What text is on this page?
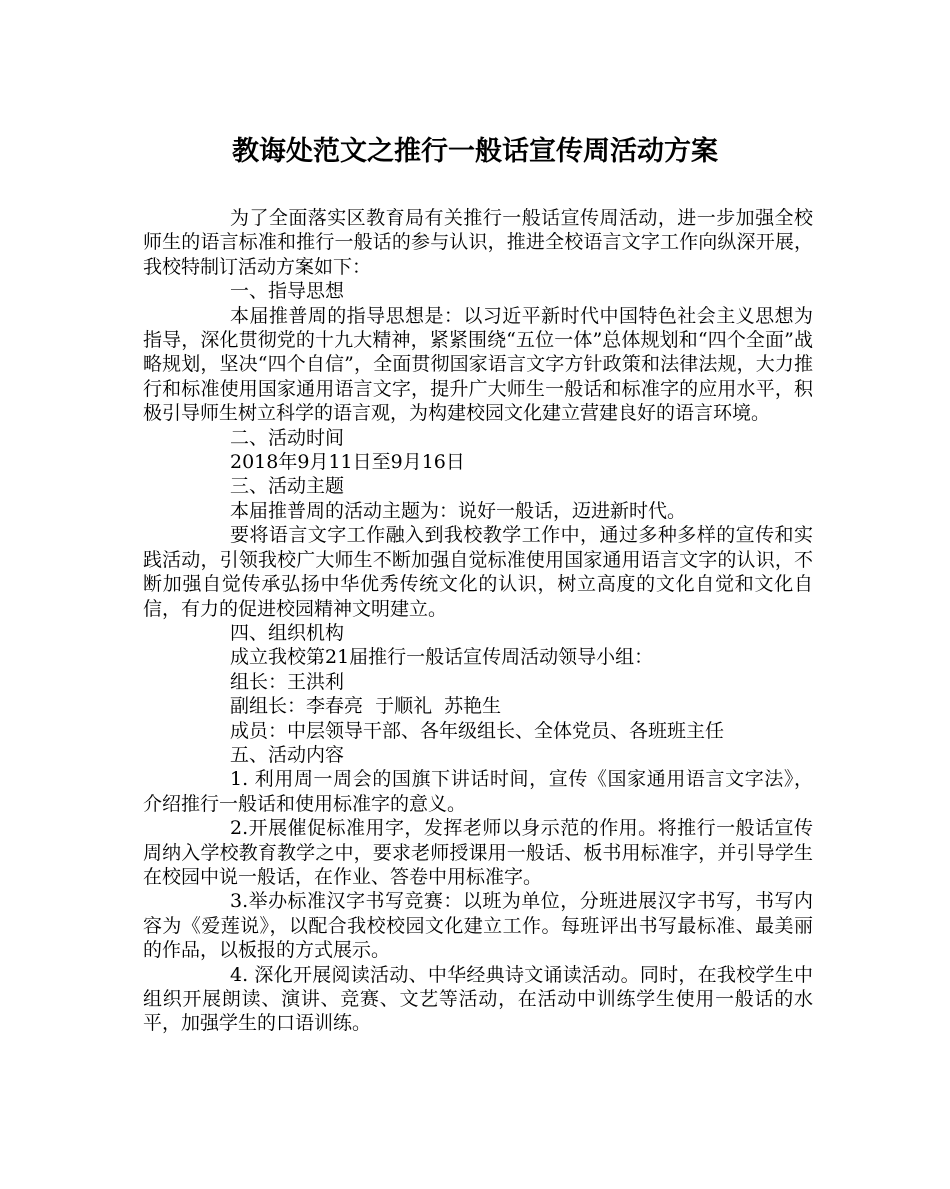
教诲处范文之推行一般话宣传周活动方案

为了全面落实区教育局有关推行一般话宣传周活动，进一步加强全校师生的语言标准和推行一般话的参与认识，推进全校语言文字工作向纵深开展，我校特制订活动方案如下：

一、指导思想

本届推普周的指导思想是：以习近平新时代中国特色社会主义思想为指导，深化贯彻党的十九大精神，紧紧围绕“五位一体”总体规划和“四个全面”战略规划，坚决“四个自信”，全面贯彻国家语言文字方针政策和法律法规，大力推行和标准使用国家通用语言文字，提升广大师生一般话和标准字的应用水平，积极引导师生树立科学的语言观，为构建校园文化建立营建良好的语言环境。

二、活动时间

2018年9月11日至9月16日

三、活动主题

本届推普周的活动主题为：说好一般话，迈进新时代。

要将语言文字工作融入到我校教学工作中，通过多种多样的宣传和实践活动，引领我校广大师生不断加强自觉标准使用国家通用语言文字的认识，不断加强自觉传承弘扬中华优秀传统文化的认识，树立高度的文化自觉和文化自信，有力的促进校园精神文明建立。

四、组织机构

成立我校第21届推行一般话宣传周活动领导小组：

组长：王洪利

副组长：李春亮  于顺礼  苏艳生

成员：中层领导干部、各年级组长、全体党员、各班班主任

五、活动内容

1. 利用周一周会的国旗下讲话时间，宣传《国家通用语言文字法》，介绍推行一般话和使用标准字的意义。

2.开展催促标准用字，发挥老师以身示范的作用。将推行一般话宣传周纳入学校教育教学之中，要求老师授课用一般话、板书用标准字，并引导学生在校园中说一般话，在作业、答卷中用标准字。

3.举办标准汉字书写竞赛：以班为单位，分班进展汉字书写，书写内容为《爱莲说》，以配合我校校园文化建立工作。每班评出书写最标准、最美丽的作品，以板报的方式展示。

4. 深化开展阅读活动、中华经典诗文诵读活动。同时，在我校学生中组织开展朗读、演讲、竞赛、文艺等活动，在活动中训练学生使用一般话的水平，加强学生的口语训练。
